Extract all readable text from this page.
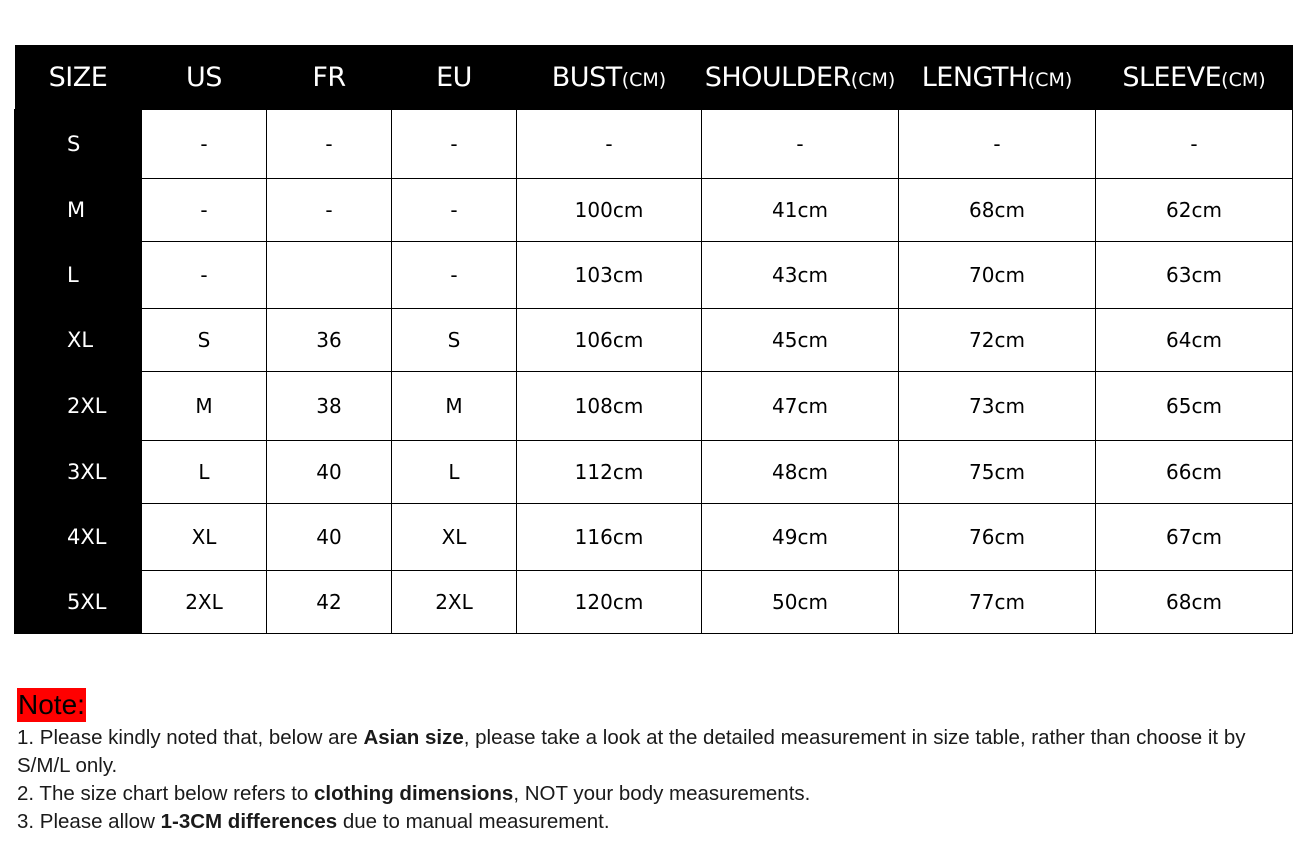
SIZE	US	FR	EU	BUST(CM)	SHOULDER(CM)	LENGTH(CM)	SLEEVE(CM)
S	-	-	-	-	-	-	-
M	-	-	-	100cm	41cm	68cm	62cm
L	-		-	103cm	43cm	70cm	63cm
XL	S	36	S	106cm	45cm	72cm	64cm
2XL	M	38	M	108cm	47cm	73cm	65cm
3XL	L	40	L	112cm	48cm	75cm	66cm
4XL	XL	40	XL	116cm	49cm	76cm	67cm
5XL	2XL	42	2XL	120cm	50cm	77cm	68cm
Note:

1. Please kindly noted that, below are Asian size, please take a look at the detailed measurement in size table, rather than choose it by S/M/L only.

2. The size chart below refers to clothing dimensions, NOT your body measurements.

3. Please allow 1-3CM differences due to manual measurement.
